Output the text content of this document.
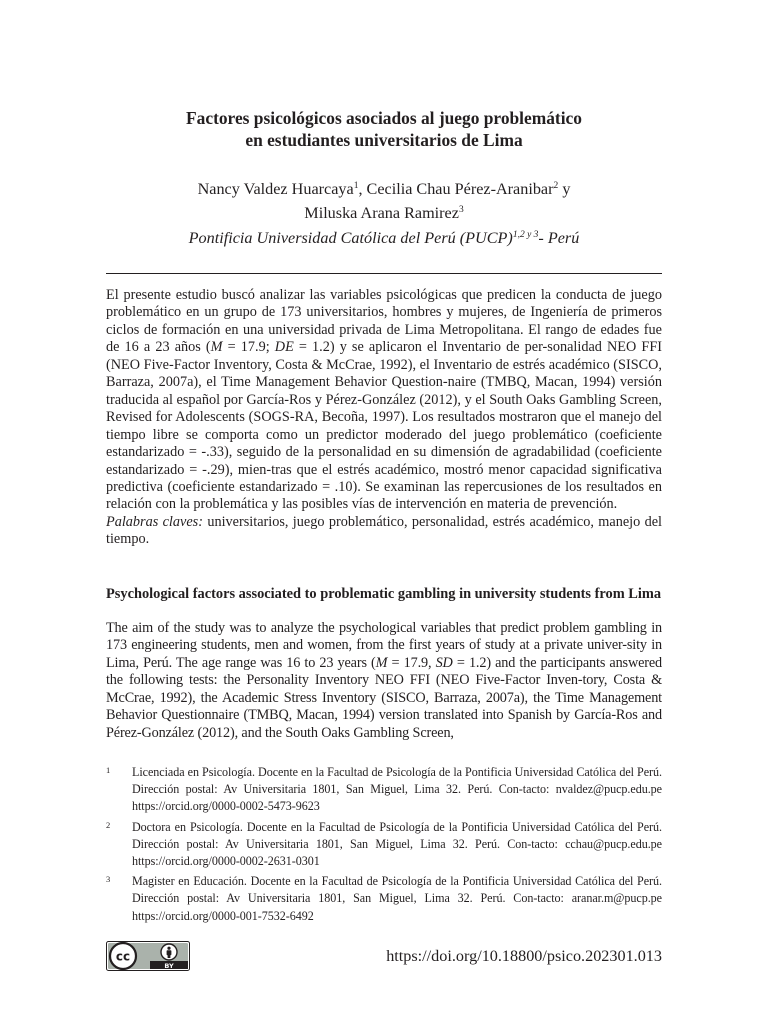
Factores psicológicos asociados al juego problemático
en estudiantes universitarios de Lima
Nancy Valdez Huarcaya$^1$, Cecilia Chau Pérez-Aranibar$^2$ y
Miluska Arana Ramirez$^3$
Pontificia Universidad Católica del Perú (PUCP)$^{1,2 y 3}$- Perú

El presente estudio buscó analizar las variables psicológicas que predicen la conducta de juego problemático en un grupo de 173 universitarios, hombres y mujeres, de Ingeniería de primeros ciclos de formación en una universidad privada de Lima Metropolitana. El rango de edades fue de 16 a 23 años (M = 17.9; DE = 1.2) y se aplicaron el Inventario de per-sonalidad NEO FFI (NEO Five-Factor Inventory, Costa & McCrae, 1992), el Inventario de estrés académico (SISCO, Barraza, 2007a), el Time Management Behavior Question-naire (TMBQ, Macan, 1994) versión traducida al español por García-Ros y Pérez-González (2012), y el South Oaks Gambling Screen, Revised for Adolescents (SOGS-RA, Becoña, 1997). Los resultados mostraron que el manejo del tiempo libre se comporta como un predictor moderado del juego problemático (coeficiente estandarizado = -.33), seguido de la personalidad en su dimensión de agradabilidad (coeficiente estandarizado = -.29), mien-tras que el estrés académico, mostró menor capacidad significativa predictiva (coeficiente estandarizado = .10). Se examinan las repercusiones de los resultados en relación con la problemática y las posibles vías de intervención en materia de prevención.

Palabras claves: universitarios, juego problemático, personalidad, estrés académico, manejo del tiempo.

Psychological factors associated to problematic gambling in university students from Lima
The aim of the study was to analyze the psychological variables that predict problem gambling in 173 engineering students, men and women, from the first years of study at a private univer-sity in Lima, Perú. The age range was 16 to 23 years (M = 17.9, SD = 1.2) and the participants answered the following tests: the Personality Inventory NEO FFI (NEO Five-Factor Inven-tory, Costa & McCrae, 1992), the Academic Stress Inventory (SISCO, Barraza, 2007a), the Time Management Behavior Questionnaire (TMBQ, Macan, 1994) version translated into Spanish by García-Ros and Pérez-González (2012), and the South Oaks Gambling Screen,
1 Licenciada en Psicología. Docente en la Facultad de Psicología de la Pontificia Universidad Católica del Perú. Dirección postal: Av Universitaria 1801, San Miguel, Lima 32. Perú. Con-tacto: nvaldez@pucp.edu.pe https://orcid.org/0000-0002-5473-9623
2 Doctora en Psicología. Docente en la Facultad de Psicología de la Pontificia Universidad Católica del Perú. Dirección postal: Av Universitaria 1801, San Miguel, Lima 32. Perú. Con-tacto: cchau@pucp.edu.pe https://orcid.org/0000-0002-2631-0301
3 Magister en Educación. Docente en la Facultad de Psicología de la Pontificia Universidad Católica del Perú. Dirección postal: Av Universitaria 1801, San Miguel, Lima 32. Perú. Con-tacto: aranar.m@pucp.pe https://orcid.org/0000-001-7532-6492
cc
BY
https://doi.org/10.18800/psico.202301.013
